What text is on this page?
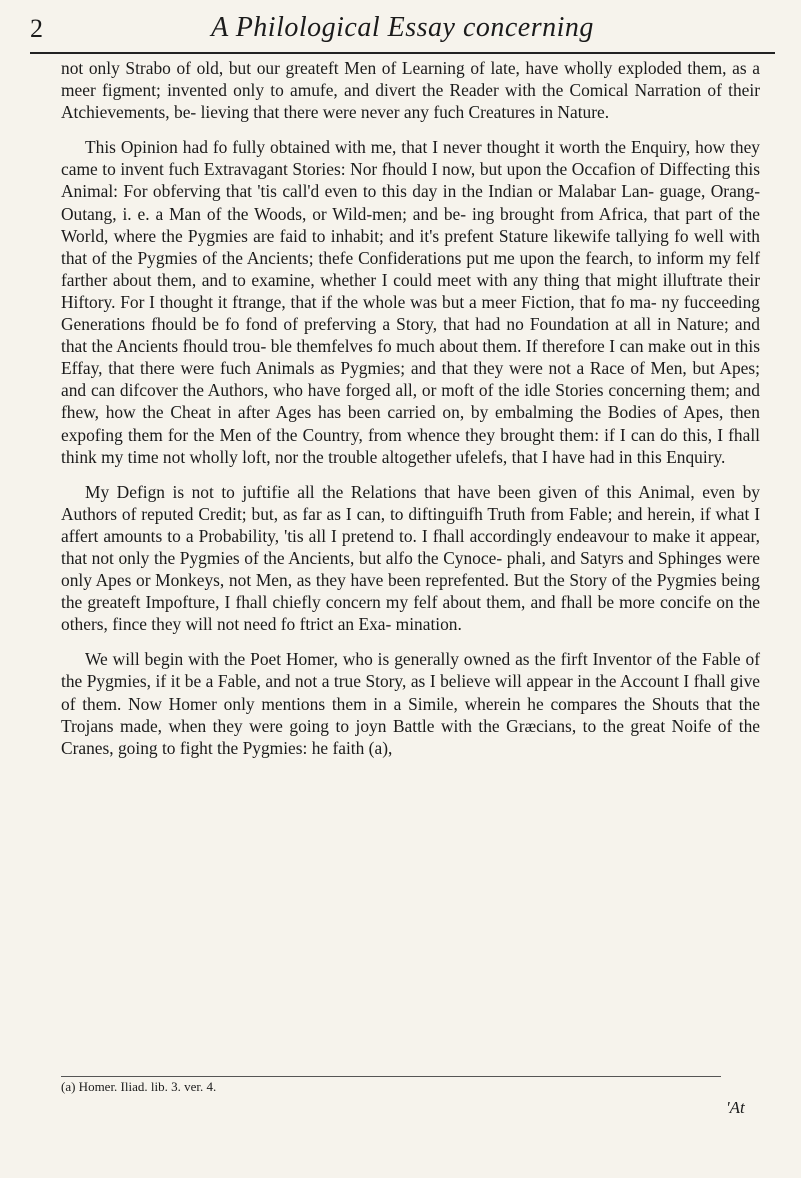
2	A Philological Essay concerning

not only Strabo of old, but our greateft Men of Learning of late, have wholly exploded them, as a meer figment; invented only to amufe, and divert the Reader with the Comical Narration of their Atchievements, be- lieving that there were never any fuch Creatures in Nature.

This Opinion had fo fully obtained with me, that I never thought it worth the Enquiry, how they came to invent fuch Extravagant Stories: Nor fhould I now, but upon the Occafion of Diffecting this Animal: For obferving that 'tis call'd even to this day in the Indian or Malabar Lan- guage, Orang-Outang, i. e. a Man of the Woods, or Wild-men; and be- ing brought from Africa, that part of the World, where the Pygmies are faid to inhabit; and it's prefent Stature likewife tallying fo well with that of the Pygmies of the Ancients; thefe Confiderations put me upon the fearch, to inform my felf farther about them, and to examine, whether I could meet with any thing that might illuftrate their Hiftory. For I thought it ftrange, that if the whole was but a meer Fiction, that fo ma- ny fucceeding Generations fhould be fo fond of preferving a Story, that had no Foundation at all in Nature; and that the Ancients fhould trou- ble themfelves fo much about them. If therefore I can make out in this Effay, that there were fuch Animals as Pygmies; and that they were not a Race of Men, but Apes; and can difcover the Authors, who have forged all, or moft of the idle Stories concerning them; and fhew, how the Cheat in after Ages has been carried on, by embalming the Bodies of Apes, then expofing them for the Men of the Country, from whence they brought them: if I can do this, I fhall think my time not wholly loft, nor the trouble altogether ufelefs, that I have had in this Enquiry.

My Defign is not to juftifie all the Relations that have been given of this Animal, even by Authors of reputed Credit; but, as far as I can, to diftinguifh Truth from Fable; and herein, if what I affert amounts to a Probability, 'tis all I pretend to. I fhall accordingly endeavour to make it appear, that not only the Pygmies of the Ancients, but alfo the Cynoce- phali, and Satyrs and Sphinges were only Apes or Monkeys, not Men, as they have been reprefented. But the Story of the Pygmies being the greateft Impofture, I fhall chiefly concern my felf about them, and fhall be more concife on the others, fince they will not need fo ftrict an Exa- mination.

We will begin with the Poet Homer, who is generally owned as the firft Inventor of the Fable of the Pygmies, if it be a Fable, and not a true Story, as I believe will appear in the Account I fhall give of them. Now Homer only mentions them in a Simile, wherein he compares the Shouts that the Trojans made, when they were going to joyn Battle with the Græcians, to the great Noife of the Cranes, going to fight the Pygmies: he faith (a),

(a) Homer. Iliad. lib. 3. ver. 4.
'At
